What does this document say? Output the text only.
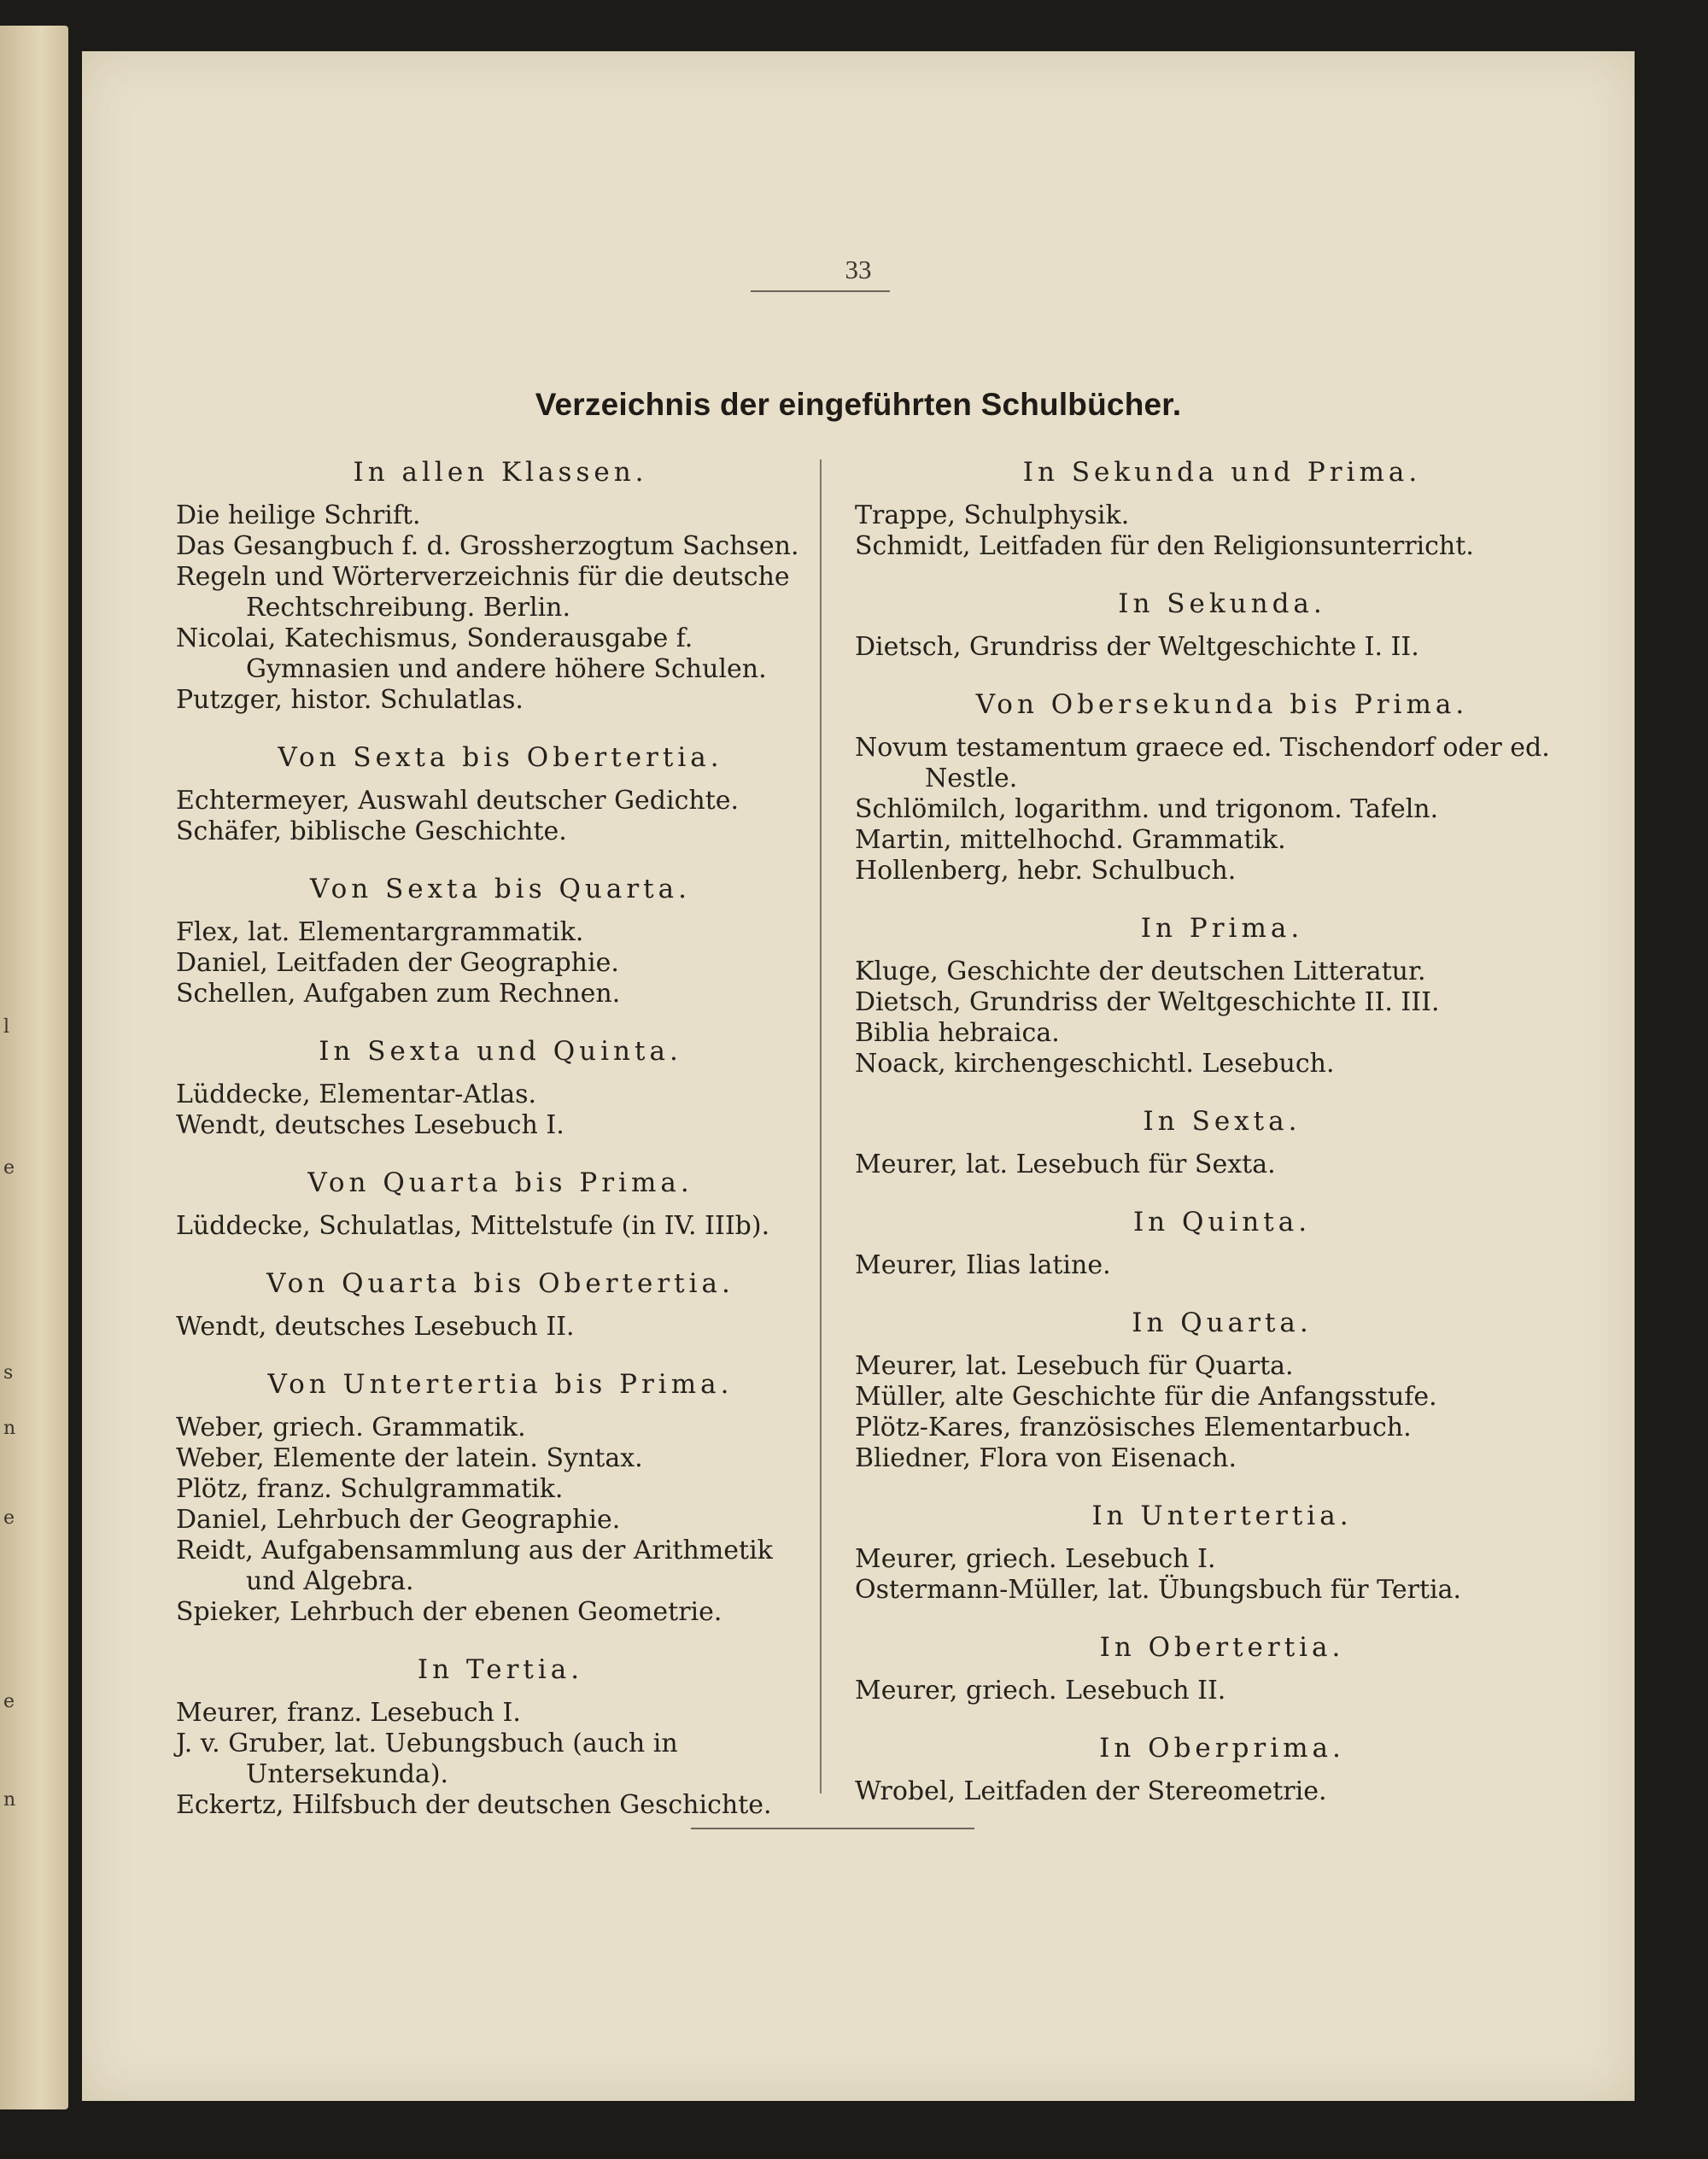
l
e
s
n
e
e
n
33
Verzeichnis der eingeführten Schulbücher.
In allen Klassen.
Die heilige Schrift.
Das Gesangbuch f. d. Grossherzogtum Sachsen.
Regeln und Wörterverzeichnis für die deutsche Rechtschreibung. Berlin.
Nicolai, Katechismus, Sonderausgabe f. Gymnasien und andere höhere Schulen.
Putzger, histor. Schulatlas.
Von Sexta bis Obertertia.
Echtermeyer, Auswahl deutscher Gedichte.
Schäfer, biblische Geschichte.
Von Sexta bis Quarta.
Flex, lat. Elementargrammatik.
Daniel, Leitfaden der Geographie.
Schellen, Aufgaben zum Rechnen.
In Sexta und Quinta.
Lüddecke, Elementar-Atlas.
Wendt, deutsches Lesebuch I.
Von Quarta bis Prima.
Lüddecke, Schulatlas, Mittelstufe (in IV. IIIb).
Von Quarta bis Obertertia.
Wendt, deutsches Lesebuch II.
Von Untertertia bis Prima.
Weber, griech. Grammatik.
Weber, Elemente der latein. Syntax.
Plötz, franz. Schulgrammatik.
Daniel, Lehrbuch der Geographie.
Reidt, Aufgabensammlung aus der Arithmetik und Algebra.
Spieker, Lehrbuch der ebenen Geometrie.
In Tertia.
Meurer, franz. Lesebuch I.
J. v. Gruber, lat. Uebungsbuch (auch in Untersekunda).
Eckertz, Hilfsbuch der deutschen Geschichte.
In Sekunda und Prima.
Trappe, Schulphysik.
Schmidt, Leitfaden für den Religionsunterricht.
In Sekunda.
Dietsch, Grundriss der Weltgeschichte I. II.
Von Obersekunda bis Prima.
Novum testamentum graece ed. Tischendorf oder ed. Nestle.
Schlömilch, logarithm. und trigonom. Tafeln.
Martin, mittelhochd. Grammatik.
Hollenberg, hebr. Schulbuch.
In Prima.
Kluge, Geschichte der deutschen Litteratur.
Dietsch, Grundriss der Weltgeschichte II. III.
Biblia hebraica.
Noack, kirchengeschichtl. Lesebuch.
In Sexta.
Meurer, lat. Lesebuch für Sexta.
In Quinta.
Meurer, Ilias latine.
In Quarta.
Meurer, lat. Lesebuch für Quarta.
Müller, alte Geschichte für die Anfangsstufe.
Plötz-Kares, französisches Elementarbuch.
Bliedner, Flora von Eisenach.
In Untertertia.
Meurer, griech. Lesebuch I.
Ostermann-Müller, lat. Übungsbuch für Tertia.
In Obertertia.
Meurer, griech. Lesebuch II.
In Oberprima.
Wrobel, Leitfaden der Stereometrie.
